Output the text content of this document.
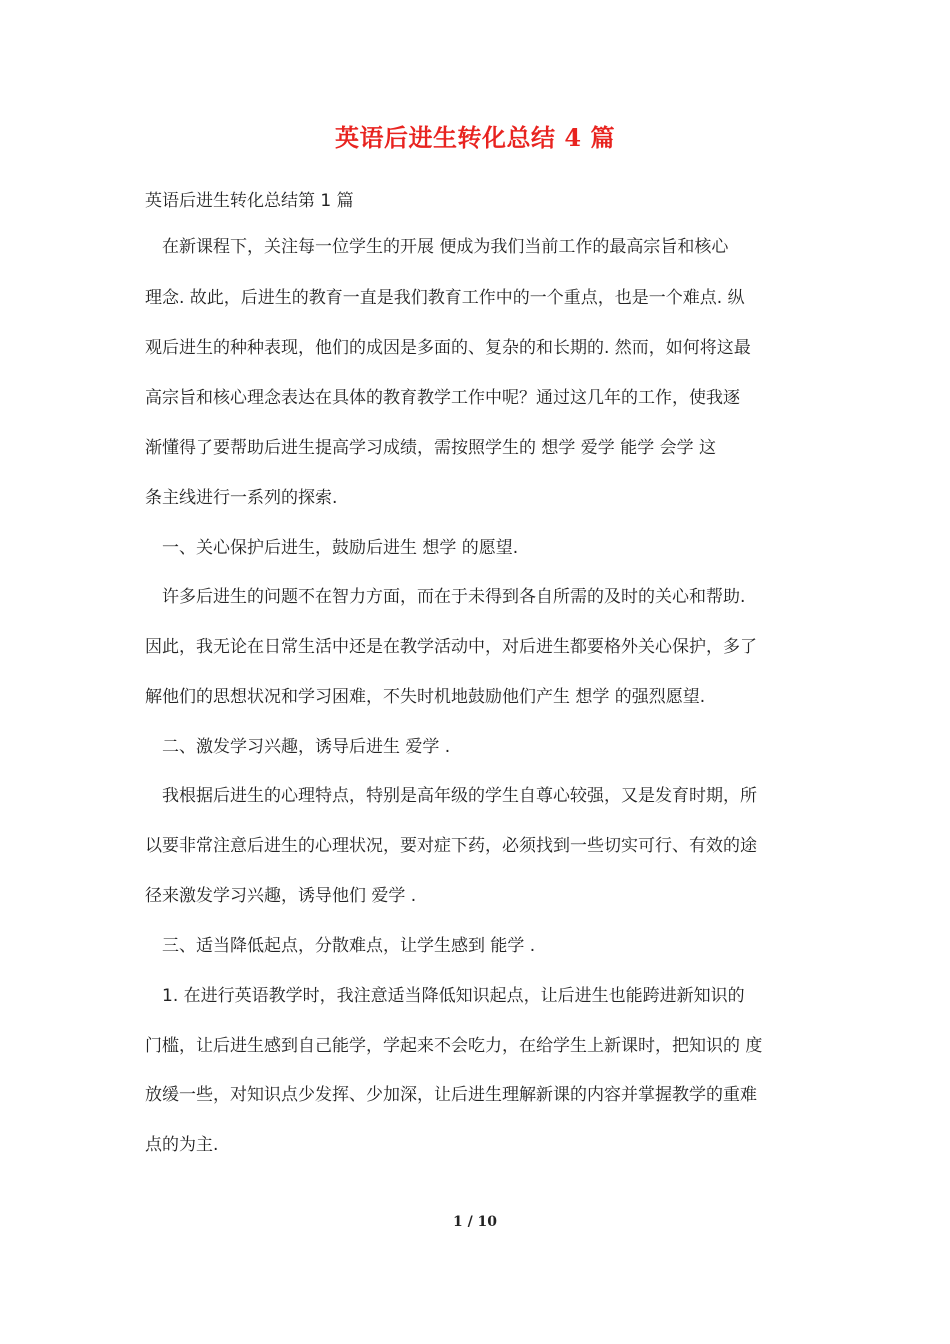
英语后进生转化总结 4 篇
英语后进生转化总结第 1 篇
　在新课程下，关注每一位学生的开展 便成为我们当前工作的最高宗旨和核心
理念. 故此，后进生的教育一直是我们教育工作中的一个重点，也是一个难点. 纵
观后进生的种种表现，他们的成因是多面的、复杂的和长期的. 然而，如何将这最
高宗旨和核心理念表达在具体的教育教学工作中呢？通过这几年的工作，使我逐
渐懂得了要帮助后进生提高学习成绩，需按照学生的 想学 爱学 能学 会学 这
条主线进行一系列的探索.
　一、关心保护后进生，鼓励后进生 想学 的愿望.
　许多后进生的问题不在智力方面，而在于未得到各自所需的及时的关心和帮助.
因此，我无论在日常生活中还是在教学活动中，对后进生都要格外关心保护，多了
解他们的思想状况和学习困难，不失时机地鼓励他们产生 想学 的强烈愿望.
　二、激发学习兴趣，诱导后进生 爱学 .
　我根据后进生的心理特点，特别是高年级的学生自尊心较强，又是发育时期，所
以要非常注意后进生的心理状况，要对症下药，必须找到一些切实可行、有效的途
径来激发学习兴趣，诱导他们 爱学 .
　三、适当降低起点，分散难点，让学生感到 能学 .
　1. 在进行英语教学时，我注意适当降低知识起点，让后进生也能跨进新知识的
门槛，让后进生感到自己能学，学起来不会吃力，在给学生上新课时，把知识的 度
放缓一些，对知识点少发挥、少加深，让后进生理解新课的内容并掌握教学的重难
点的为主.
1 / 10
